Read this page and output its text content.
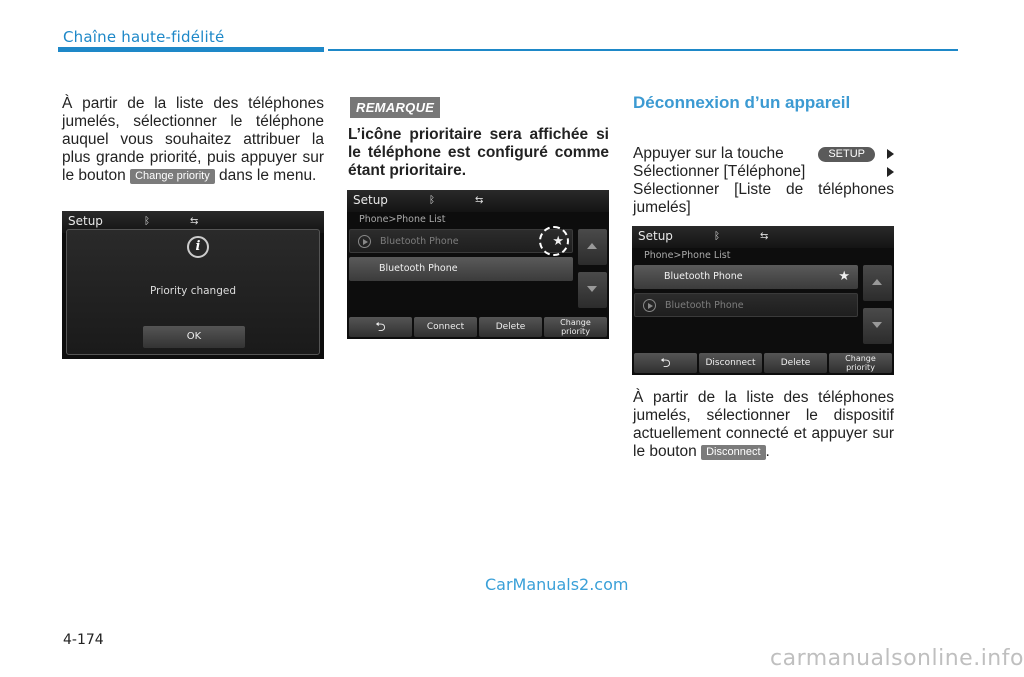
Chaîne haute-fidélité
À partir de la liste des téléphones jumelés, sélectionner le téléphone auquel vous souhaitez attribuer la plus grande priorité, puis appuyer sur le bouton Change priority dans le menu.
Setup	ᛒ	⇆
i
Priority changed
OK
REMARQUE
L’icône prioritaire sera affichée si le téléphone est configuré comme étant prioritaire.
Setup	ᛒ	⇆
Phone>Phone List
Bluetooth Phone	★
Bluetooth Phone
⮌	Connect	Delete	Change
priority
Déconnexion d’un appareil
Appuyer sur la touche	SETUP
Sélectionner [Téléphone]
Sélectionner [Liste de téléphones jumelés]
Setup	ᛒ	⇆
Phone>Phone List
Bluetooth Phone	★
Bluetooth Phone
⮌	Disconnect	Delete	Change
priority
À partir de la liste des téléphones jumelés, sélectionner le dispositif actuellement connecté et appuyer sur le bouton Disconnect .
CarManuals2.com
4-174
carmanualsonline.info
